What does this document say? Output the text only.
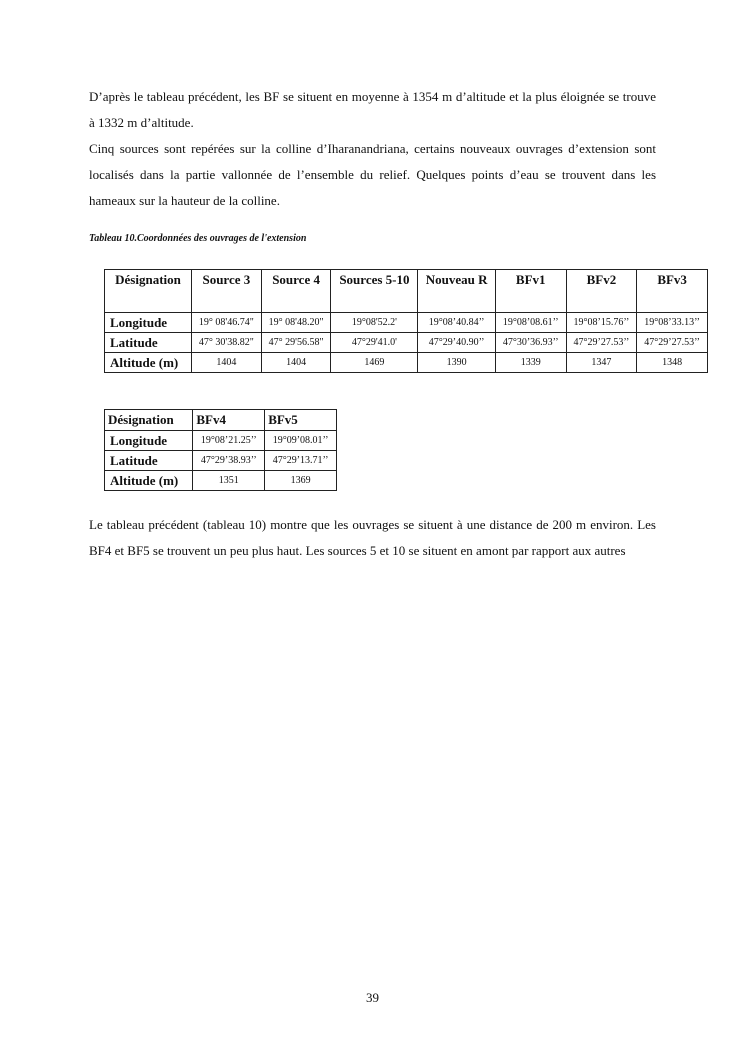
D’après le tableau précédent, les BF se situent en moyenne à 1354 m d’altitude et la plus éloignée se trouve à 1332 m d’altitude.

Cinq sources sont repérées sur la colline d’Iharanandriana, certains nouveaux ouvrages d’extension sont localisés dans la partie vallonnée de l’ensemble du relief. Quelques points d’eau se trouvent dans les hameaux sur la hauteur de la colline.

Tableau 10.Coordonnées des ouvrages de l'extension

Désignation	Source 3	Source 4	Sources 5-10	Nouveau R	BFv1	BFv2	BFv3
Longitude	19° 08'46.74"	19° 08'48.20"	19°08'52.2'	19°08’40.84’’	19°08’08.61’’	19°08’15.76’’	19°08’33.13’’
Latitude	47° 30'38.82"	47° 29'56.58"	47°29'41.0'	47°29’40.90’’	47°30’36.93’’	47°29’27.53’’	47°29’27.53’’
Altitude (m)	1404	1404	1469	1390	1339	1347	1348
Désignation	BFv4	BFv5
Longitude	19°08’21.25’’	19°09’08.01’’
Latitude	47°29’38.93’’	47°29’13.71’’
Altitude (m)	1351	1369

Le tableau précédent (tableau 10) montre que les ouvrages se situent à une distance de 200 m environ. Les BF4 et BF5 se trouvent un peu plus haut. Les sources 5 et 10 se situent en amont par rapport aux autres

39
